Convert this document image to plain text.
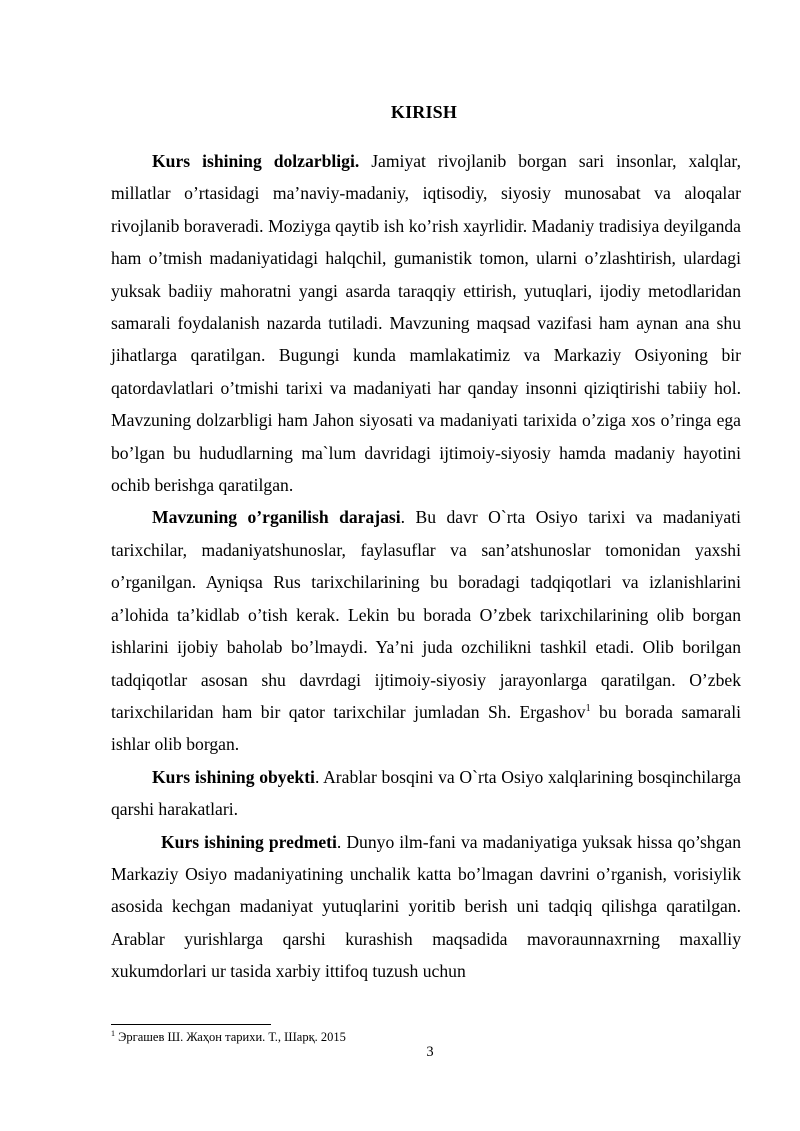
KIRISH

Kurs ishining dolzarbligi. Jamiyat rivojlanib borgan sari insonlar, xalqlar, millatlar o’rtasidagi ma’naviy-madaniy, iqtisodiy, siyosiy munosabat va aloqalar rivojlanib boraveradi. Moziyga qaytib ish ko’rish xayrlidir. Madaniy tradisiya deyilganda ham o’tmish madaniyatidagi halqchil, gumanistik tomon, ularni o’zlashtirish, ulardagi yuksak badiiy mahoratni yangi asarda taraqqiy ettirish, yutuqlari, ijodiy metodlaridan samarali foydalanish nazarda tutiladi. Mavzuning maqsad vazifasi ham aynan ana shu jihatlarga qaratilgan. Bugungi kunda mamlakatimiz va Markaziy Osiyoning bir qatordavlatlari o’tmishi tarixi va madaniyati har qanday insonni qiziqtirishi tabiiy hol. Mavzuning dolzarbligi ham Jahon siyosati va madaniyati tarixida o’ziga xos o’ringa ega bo’lgan bu hududlarning ma`lum davridagi ijtimoiy-siyosiy hamda madaniy hayotini ochib berishga qaratilgan.

Mavzuning o’rganilish darajasi. Bu davr O`rta Osiyo tarixi va madaniyati tarixchilar, madaniyatshunoslar, faylasuflar va san’atshunoslar tomonidan yaxshi o’rganilgan. Ayniqsa Rus tarixchilarining bu boradagi tadqiqotlari va izlanishlarini a’lohida ta’kidlab o’tish kerak. Lekin bu borada O’zbek tarixchilarining olib borgan ishlarini ijobiy baholab bo’lmaydi. Ya’ni juda ozchilikni tashkil etadi. Olib borilgan tadqiqotlar asosan shu davrdagi ijtimoiy-siyosiy jarayonlarga qaratilgan. O’zbek tarixchilaridan ham bir qator tarixchilar jumladan Sh. Ergashov$^1$ bu borada samarali ishlar olib borgan.

Kurs ishining obyekti. Arablar bosqini va O`rta Osiyo xalqlarining bosqinchilarga qarshi harakatlari.

Kurs ishining predmeti. Dunyo ilm-fani va madaniyatiga yuksak hissa qo’shgan Markaziy Osiyo madaniyatining unchalik katta bo’lmagan davrini o’rganish, vorisiylik asosida kechgan madaniyat yutuqlarini yoritib berish uni tadqiq qilishga qaratilgan. Arablar yurishlarga qarshi kurashish maqsadida mavoraunnaxrning maxalliy xukumdorlari ur tasida xarbiy ittifoq tuzush uchun

$^1$ Эргашев Ш. Жаҳон тарихи. Т., Шарқ. 2015
3
